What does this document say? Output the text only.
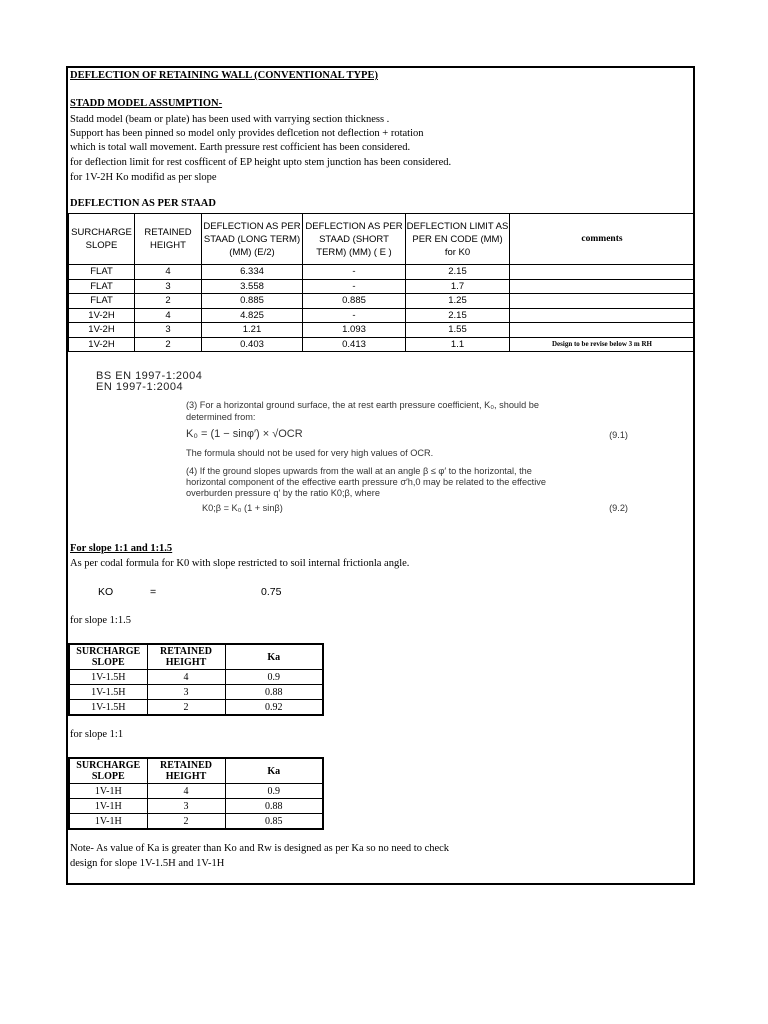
DEFLECTION OF RETAINING WALL (CONVENTIONAL TYPE)
STADD MODEL ASSUMPTION-
Stadd model (beam or plate) has been used with varrying section thickness .
Support has been pinned so model only provides deflcetion not deflection + rotation
which is total wall movement. Earth pressure rest cofficient has been considered.
for deflection limit for rest cosfficent of EP height upto stem junction has been considered.
for 1V-2H Ko modifid as per slope
DEFLECTION AS PER STAAD
SURCHARGE SLOPE	RETAINED HEIGHT	DEFLECTION AS PER STAAD (LONG TERM) (MM) (E/2)	DEFLECTION AS PER STAAD (SHORT TERM) (MM) ( E )	DEFLECTION LIMIT AS PER EN CODE (MM) for K0	comments
FLAT	4	6.334	-	2.15	
FLAT	3	3.558	-	1.7	
FLAT	2	0.885	0.885	1.25	
1V-2H	4	4.825	-	2.15	
1V-2H	3	1.21	1.093	1.55	
1V-2H	2	0.403	0.413	1.1	Design to be revise below 3 m RH
BS EN 1997-1:2004
EN 1997-1:2004
(3) For a horizontal ground surface, the at rest earth pressure coefficient, K₀, should be
determined from:
K₀ = (1 − sinφ′) × √OCR	(9.1)
The formula should not be used for very high values of OCR.
(4) If the ground slopes upwards from the wall at an angle β ≤ φ′ to the horizontal, the
horizontal component of the effective earth pressure σ′h,0 may be related to the effective
overburden pressure q′ by the ratio K0;β, where
K0;β = K₀ (1 + sinβ)	(9.2)
For slope 1:1 and 1:1.5
As per codal formula for K0 with slope restricted to soil internal frictionla angle.
KO	=	0.75
for slope 1:1.5
SURCHARGE SLOPE	RETAINED HEIGHT	Ka
1V-1.5H	4	0.9
1V-1.5H	3	0.88
1V-1.5H	2	0.92
for slope 1:1
SURCHARGE SLOPE	RETAINED HEIGHT	Ka
1V-1H	4	0.9
1V-1H	3	0.88
1V-1H	2	0.85
Note- As value of Ka is greater than Ko and Rw is designed as per Ka so no need to check
design for slope 1V-1.5H and 1V-1H
